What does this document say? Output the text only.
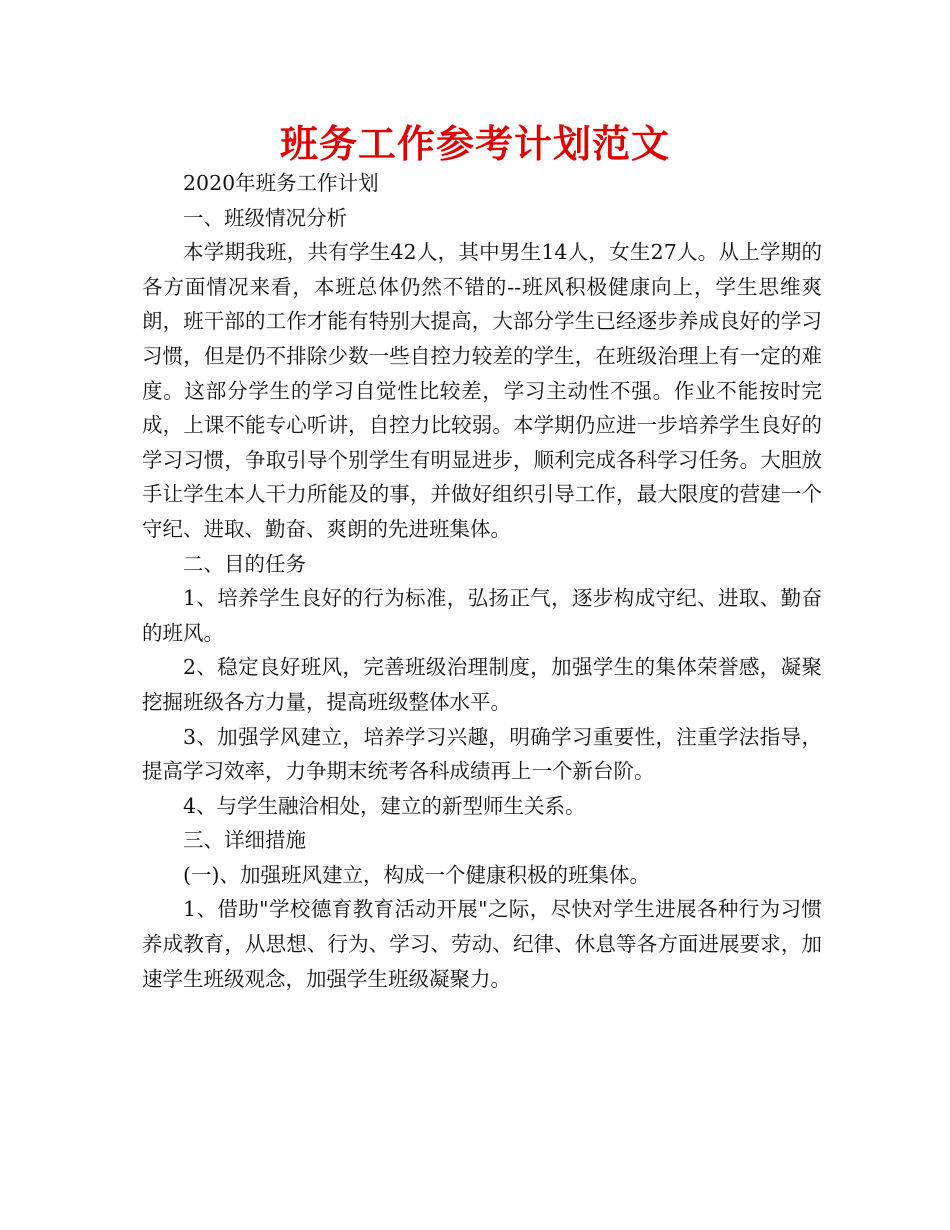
班务工作参考计划范文

2020年班务工作计划

一、班级情况分析

本学期我班，共有学生42人，其中男生14人，女生27人。从上学期的各方面情况来看，本班总体仍然不错的--班风积极健康向上，学生思维爽朗，班干部的工作才能有特别大提高，大部分学生已经逐步养成良好的学习习惯，但是仍不排除少数一些自控力较差的学生，在班级治理上有一定的难度。这部分学生的学习自觉性比较差，学习主动性不强。作业不能按时完成，上课不能专心听讲，自控力比较弱。本学期仍应进一步培养学生良好的学习习惯，争取引导个别学生有明显进步，顺利完成各科学习任务。大胆放手让学生本人干力所能及的事，并做好组织引导工作，最大限度的营建一个守纪、进取、勤奋、爽朗的先进班集体。

二、目的任务

1、培养学生良好的行为标准，弘扬正气，逐步构成守纪、进取、勤奋的班风。

2、稳定良好班风，完善班级治理制度，加强学生的集体荣誉感，凝聚挖掘班级各方力量，提高班级整体水平。

3、加强学风建立，培养学习兴趣，明确学习重要性，注重学法指导，提高学习效率，力争期末统考各科成绩再上一个新台阶。

4、与学生融洽相处，建立的新型师生关系。

三、详细措施

(一)、加强班风建立，构成一个健康积极的班集体。

1、借助"学校德育教育活动开展"之际，尽快对学生进展各种行为习惯养成教育，从思想、行为、学习、劳动、纪律、休息等各方面进展要求，加速学生班级观念，加强学生班级凝聚力。
